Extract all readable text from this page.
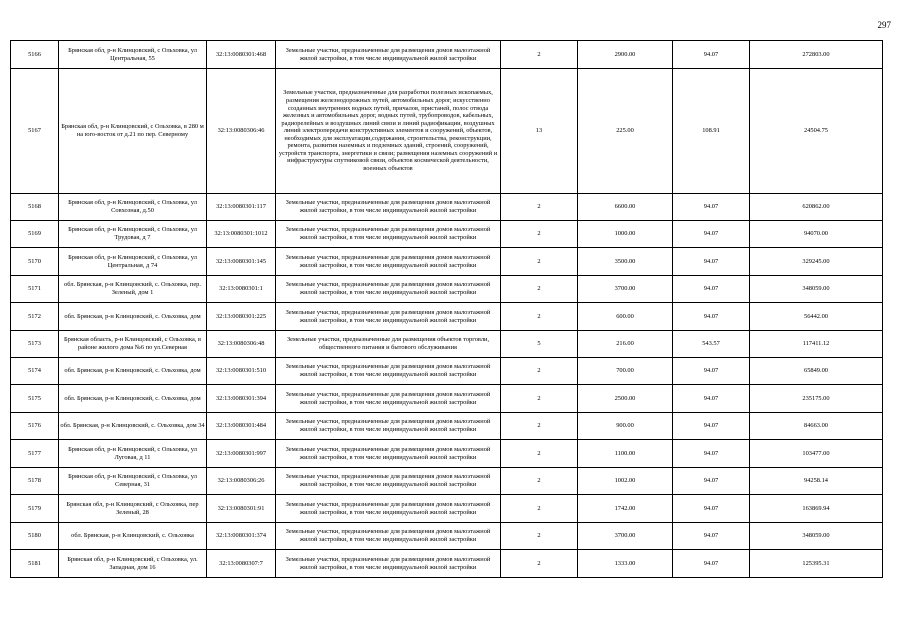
297
5166	Брянская обл, р-н Клинцовский, с Ольховка, ул Центральная, 55	32:13:0080301:468	Земельные участки, предназначенные для размещения домов малоэтажной жилой застройки, в том числе индивидуальной жилой застройки	2	2900.00	94.07	272803.00
5167	Брянская обл, р-н Клинцовский, с Ольховка, в 280 м на юго-восток от д.21 по пер. Северному	32:13:0080306:46	Земельные участки, предназначенные для разработки полезных ископаемых, размещения железнодорожных путей, автомобильных дорог, искусственно созданных внутренних водных путей, причалов, пристаней, полос отвода железных и автомобильных дорог, водных путей, трубопроводов, кабельных, радиорелейных и воздушных линий связи и линий радиофикации, воздушных линий электропередачи конструктивных элементов и сооружений, объектов, необходимых для эксплуатации,содержания, строительства, реконструкции, ремонта, развития наземных и подземных зданий, строений, сооружений, устройств транспорта, энергетики и связи; размещения наземных сооружений и инфраструктуры спутниковой связи, объектов космической деятельности, военных объектов	13	225.00	108.91	24504.75
5168	Брянская обл, р-н Клинцовский, с Ольховка, ул Совхозная, д.50	32:13:0080301:117	Земельные участки, предназначенные для размещения домов малоэтажной жилой застройки, в том числе индивидуальной жилой застройки	2	6600.00	94.07	620862.00
5169	Брянская обл, р-н Клинцовский, с Ольховка, ул Трудовая, д 7	32:13:0080301:1012	Земельные участки, предназначенные для размещения домов малоэтажной жилой застройки, в том числе индивидуальной жилой застройки	2	1000.00	94.07	94070.00
5170	Брянская обл, р-н Клинцовский, с Ольховка, ул Центральная, д 74	32:13:0080301:145	Земельные участки, предназначенные для размещения домов малоэтажной жилой застройки, в том числе индивидуальной жилой застройки	2	3500.00	94.07	329245.00
5171	обл. Брянская, р-н Клинцовский, с. Ольховка, пер. Зеленый, дом 1	32:13:0080301:1	Земельные участки, предназначенные для размещения домов малоэтажной жилой застройки, в том числе индивидуальной жилой застройки	2	3700.00	94.07	348059.00
5172	обл. Брянская, р-н Клинцовский, с. Ольховка, дом	32:13:0080301:225	Земельные участки, предназначенные для размещения домов малоэтажной жилой застройки, в том числе индивидуальной жилой застройки	2	600.00	94.07	56442.00
5173	Брянская область, р-н Клинцовский, с Ольховка, в районе жилого дома №6 по ул.Северная	32:13:0080306:48	Земельные участки, предназначенные для размещения объектов торговли, общественного питания и бытового обслуживания	5	216.00	543.57	117411.12
5174	обл. Брянская, р-н Клинцовский, с. Ольховка, дом	32:13:0080301:510	Земельные участки, предназначенные для размещения домов малоэтажной жилой застройки, в том числе индивидуальной жилой застройки	2	700.00	94.07	65849.00
5175	обл. Брянская, р-н Клинцовский, с. Ольховка, дом	32:13:0080301:394	Земельные участки, предназначенные для размещения домов малоэтажной жилой застройки, в том числе индивидуальной жилой застройки	2	2500.00	94.07	235175.00
5176	обл. Брянская, р-н Клинцовский, с. Ольховка, дом 34	32:13:0080301:484	Земельные участки, предназначенные для размещения домов малоэтажной жилой застройки, в том числе индивидуальной жилой застройки	2	900.00	94.07	84663.00
5177	Брянская обл, р-н Клинцовский, с Ольховка, ул Луговая, д 11	32:13:0080301:997	Земельные участки, предназначенные для размещения домов малоэтажной жилой застройки, в том числе индивидуальной жилой застройки	2	1100.00	94.07	103477.00
5178	Брянская обл, р-н Клинцовский, с Ольховка, ул Северная, 31	32:13:0080306:26	Земельные участки, предназначенные для размещения домов малоэтажной жилой застройки, в том числе индивидуальной жилой застройки	2	1002.00	94.07	94258.14
5179	Брянская обл, р-н Клинцовский, с Ольховка, пер Зеленый, 28	32:13:0080301:91	Земельные участки, предназначенные для размещения домов малоэтажной жилой застройки, в том числе индивидуальной жилой застройки	2	1742.00	94.07	163869.94
5180	обл. Брянская, р-н Клинцовский, с. Ольховка	32:13:0080301:374	Земельные участки, предназначенные для размещения домов малоэтажной жилой застройки, в том числе индивидуальной жилой застройки	2	3700.00	94.07	348059.00
5181	Брянская обл, р-н Клинцовский, с Ольховка, ул. Западная, дом 16	32:13:0080307:7	Земельные участки, предназначенные для размещения домов малоэтажной жилой застройки, в том числе индивидуальной жилой застройки	2	1333.00	94.07	125395.31
